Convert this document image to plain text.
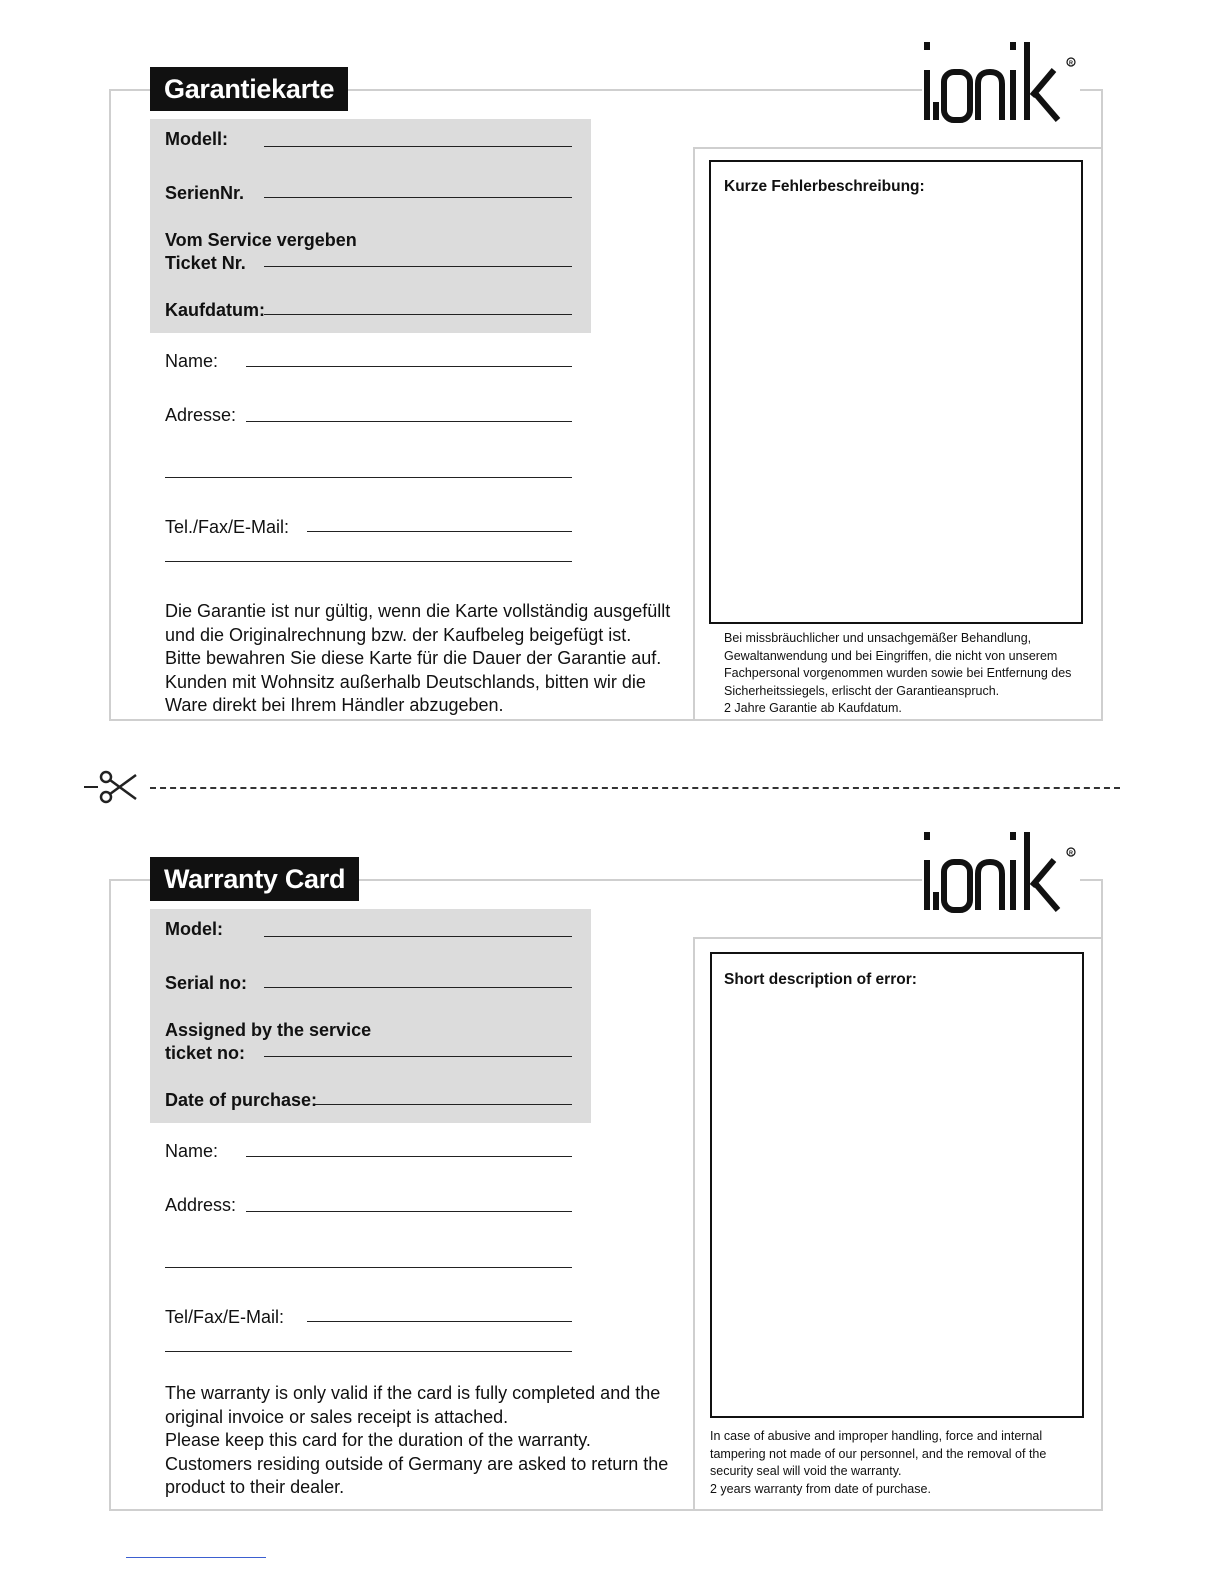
Garantiekarte
R
Modell:
SerienNr.
Vom Service vergeben
Ticket Nr.
Kaufdatum:
Name:
Adresse:
Tel./Fax/E-Mail:
Die Garantie ist nur gültig, wenn die Karte vollständig ausgefüllt
und die Originalrechnung bzw. der Kaufbeleg beigefügt ist.
Bitte bewahren Sie diese Karte für die Dauer der Garantie auf.
Kunden mit Wohnsitz außerhalb Deutschlands, bitten wir die
Ware direkt bei Ihrem Händler abzugeben.
Kurze Fehlerbeschreibung:
Bei missbräuchlicher und unsachgemäßer Behandlung,
Gewaltanwendung und bei Eingriffen, die nicht von unserem
Fachpersonal vorgenommen wurden sowie bei Entfernung des
Sicherheitssiegels, erlischt der Garantieanspruch.
2 Jahre Garantie ab Kaufdatum.
Warranty Card
R
Model:
Serial no:
Assigned by the service
ticket no:
Date of purchase:
Name:
Address:
Tel/Fax/E-Mail:
The warranty is only valid if the card is fully completed and the
original invoice or sales receipt is attached.
Please keep this card for the duration of the warranty.
Customers residing outside of Germany are asked to return the
product to their dealer.
Short description of error:
In case of abusive and improper handling, force and internal
tampering not made of our personnel, and the removal of the
security seal will void the warranty.
2 years warranty from date of purchase.
